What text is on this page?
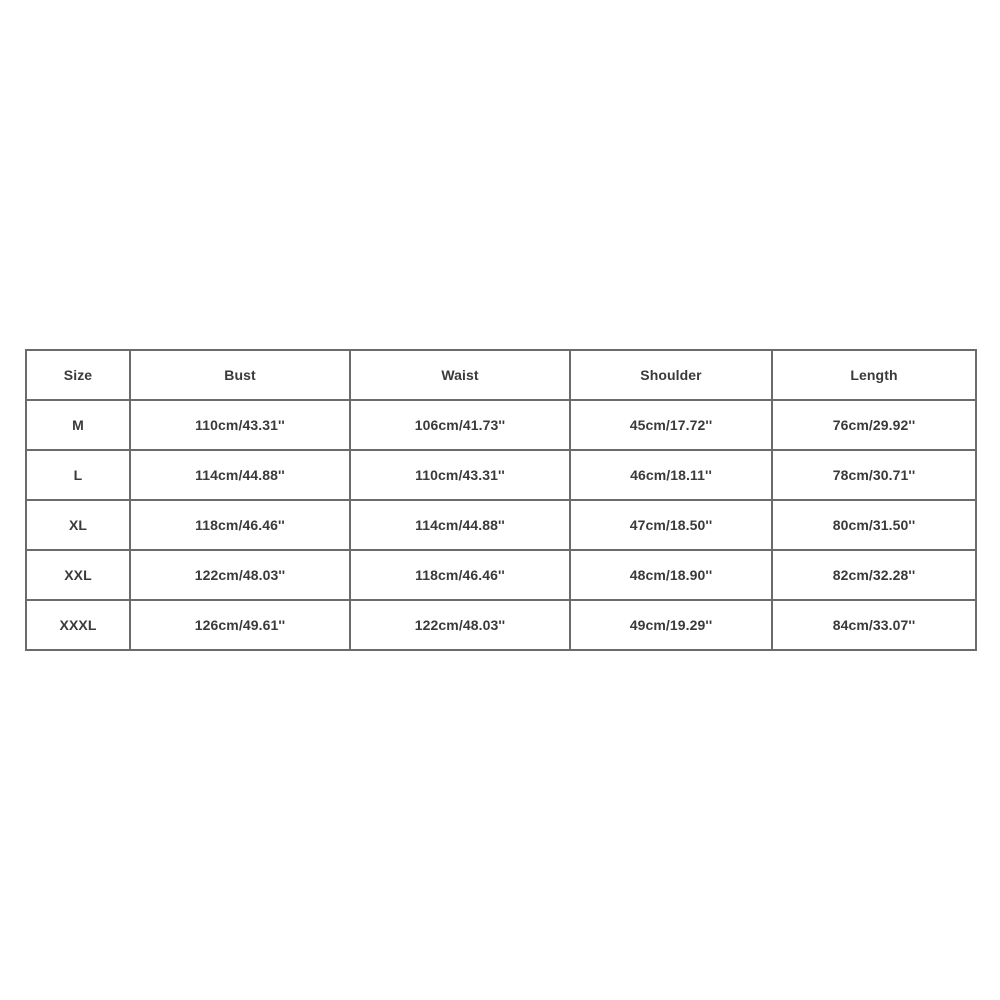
Size	Bust	Waist	Shoulder	Length
M	110cm/43.31''	106cm/41.73''	45cm/17.72''	76cm/29.92''
L	114cm/44.88''	110cm/43.31''	46cm/18.11''	78cm/30.71''
XL	118cm/46.46''	114cm/44.88''	47cm/18.50''	80cm/31.50''
XXL	122cm/48.03''	118cm/46.46''	48cm/18.90''	82cm/32.28''
XXXL	126cm/49.61''	122cm/48.03''	49cm/19.29''	84cm/33.07''
